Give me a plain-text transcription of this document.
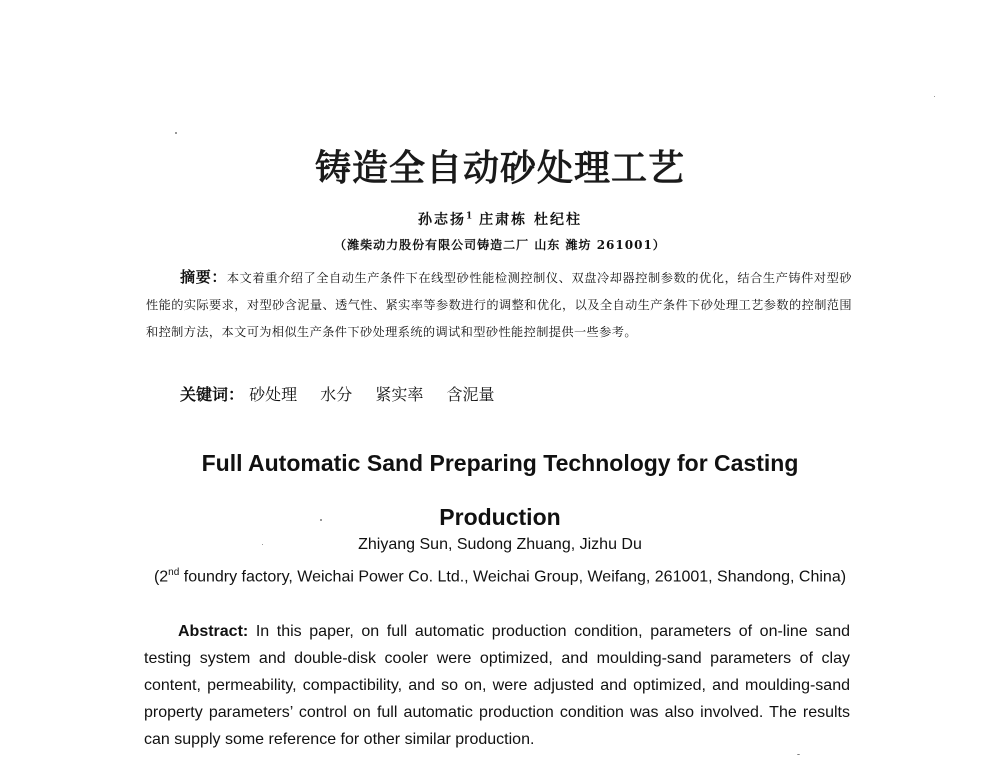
铸造全自动砂处理工艺
孙志扬$^1$ 庄肃栋 杜纪柱
（潍柴动力股份有限公司铸造二厂 山东 潍坊 261001）
摘要：本文着重介绍了全自动生产条件下在线型砂性能检测控制仪、双盘冷却器控制参数的优化，结合生产铸件对型砂性能的实际要求，对型砂含泥量、透气性、紧实率等参数进行的调整和优化，以及全自动生产条件下砂处理工艺参数的控制范围和控制方法，本文可为相似生产条件下砂处理系统的调试和型砂性能控制提供一些参考。
关键词： 砂处理 水分 紧实率 含泥量
Full Automatic Sand Preparing Technology for Casting Production
Zhiyang Sun, Sudong Zhuang, Jizhu Du
(2nd foundry factory, Weichai Power Co. Ltd., Weichai Group, Weifang, 261001, Shandong, China)
Abstract: In this paper, on full automatic production condition, parameters of on-line sand testing system and double-disk cooler were optimized, and moulding-sand parameters of clay content, permeability, compactibility, and so on, were adjusted and optimized, and moulding-sand property parameters’ control on full automatic production condition was also involved. The results can supply some reference for other similar production.
